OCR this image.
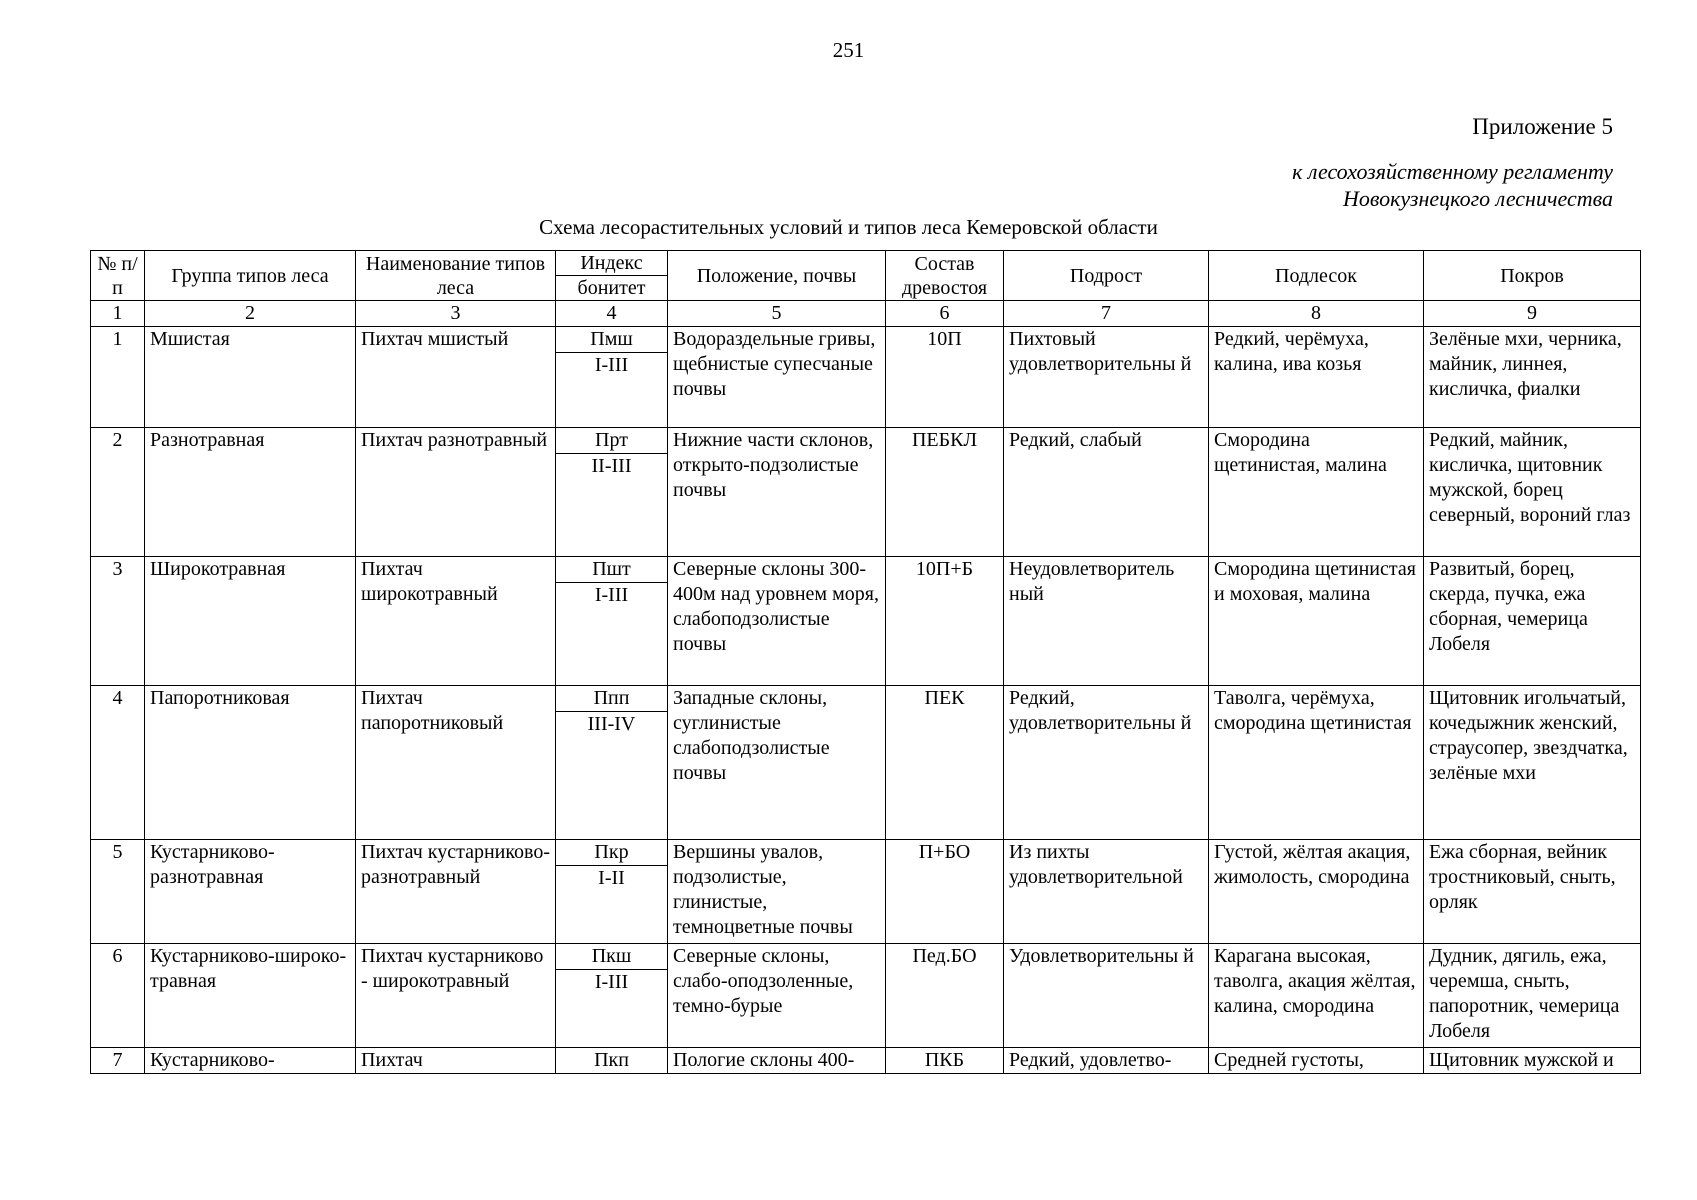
251
Приложение 5
к лесохозяйственному регламенту
Новокузнецкого лесничества
Схема лесорастительных условий и типов леса Кемеровской области
№ п/п	Группа типов леса	Наименование типов леса	Индекс	Положение, почвы	Состав древостоя	Подрост	Подлесок	Покров
			бонитет					
1	2	3	4	5	6	7	8	9
1	Мшистая	Пихтач мшистый	Пмш	Водораздельные гривы, щебнистые супесчаные почвы	10П	Пихтовый удовлетворительны й	Редкий, черёмуха, калина, ива козья	Зелёные мхи, черника, майник, линнея, кисличка, фиалки
			I-III					
2	Разнотравная	Пихтач разнотравный	Прт	Нижние части склонов, открыто-подзолистые почвы	ПЕБКЛ	Редкий, слабый	Смородина щетинистая, малина	Редкий, майник, кисличка, щитовник мужской, борец северный, вороний глаз
			II-III					
3	Широкотравная	Пихтач широкотравный	Пшт	Северные склоны 300-400м над уровнем моря, слабоподзолистые почвы	10П+Б	Неудовлетворитель ный	Смородина щетинистая и моховая, малина	Развитый, борец, скерда, пучка, ежа сборная, чемерица Лобеля
			I-III					
4	Папоротниковая	Пихтач папоротниковый	Ппп	Западные склоны, суглинистые слабоподзолистые почвы	ПЕК	Редкий, удовлетворительны й	Таволга, черёмуха, смородина щетинистая	Щитовник игольчатый, кочедыжник женский, страусопер, звездчатка, зелёные мхи
			III-IV					
5	Кустарниково-разнотравная	Пихтач кустарниково-разнотравный	Пкр	Вершины увалов, подзолистые, глинистые, темноцветные почвы	П+БО	Из пихты удовлетворительной	Густой, жёлтая акация, жимолость, смородина	Ежа сборная, вейник тростниковый, сныть, орляк
			I-II					
6	Кустарниково-широко-травная	Пихтач кустарниково - широкотравный	Пкш	Северные склоны, слабо-оподзоленные, темно-бурые	Пед.БО	Удовлетворительны й	Карагана высокая, таволга, акация жёлтая, калина, смородина	Дудник, дягиль, ежа, черемша, сныть, папоротник, чемерица Лобеля
			I-III					
7	Кустарниково-	Пихтач	Пкп	Пологие склоны 400-	ПКБ	Редкий, удовлетво-	Средней густоты,	Щитовник мужской и
